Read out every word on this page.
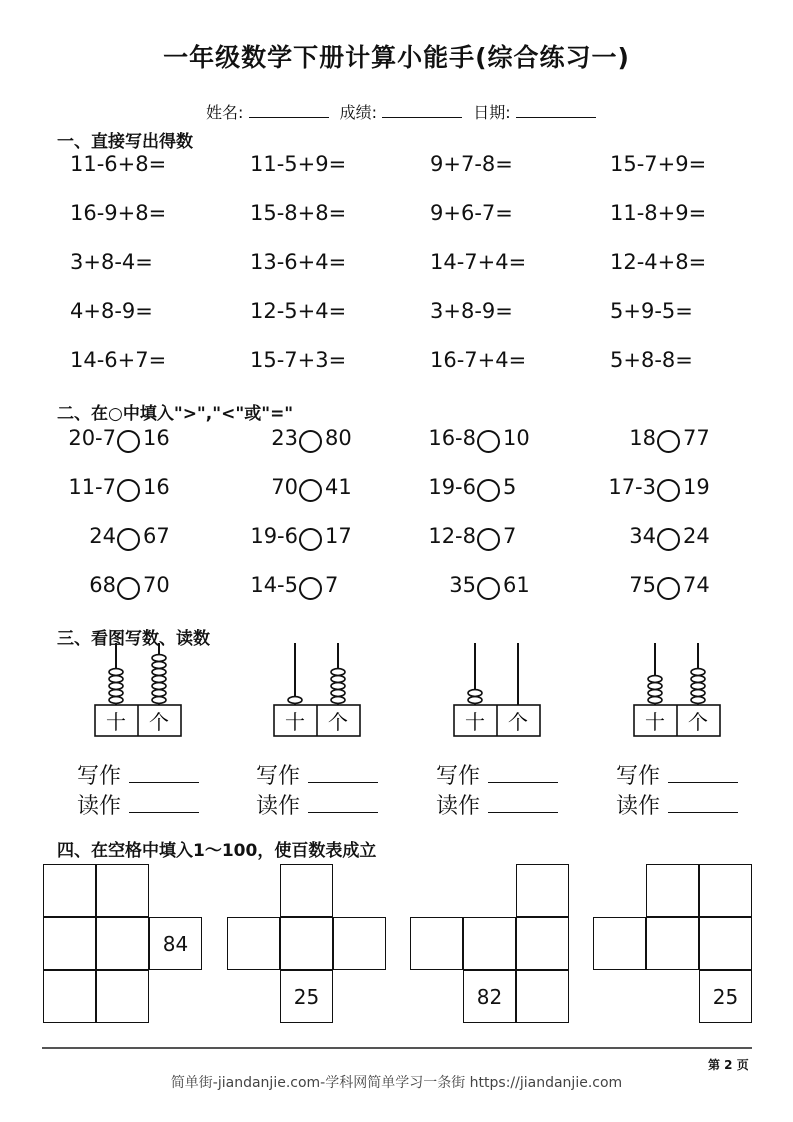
一年级数学下册计算小能手(综合练习一)
姓名:	成绩:	日期:
一、直接写出得数
11-6+8=	11-5+9=	9+7-8=	15-7+9=
16-9+8=	15-8+8=	9+6-7=	11-8+9=
3+8-4=	13-6+4=	14-7+4=	12-4+8=
4+8-9=	12-5+4=	3+8-9=	5+9-5=
14-6+7=	15-7+3=	16-7+4=	5+8-8=
二、在○中填入">","<"或"="
20-7 16	23 80	16-8 10	18 77
11-7 16	70 41	19-6 5	17-3 19
24 67	19-6 17	12-8 7	34 24
68 70	14-5 7	35 61	75 74
三、看图写数、读数
十 个
写作
读作
十 个
写作
读作
十 个
写作
读作
十 个
写作
读作
四、在空格中填入1～100，使百数表成立
84
25	82	25
第 2 页
简单街-jiandanjie.com-学科网简单学习一条街 https://jiandanjie.com
